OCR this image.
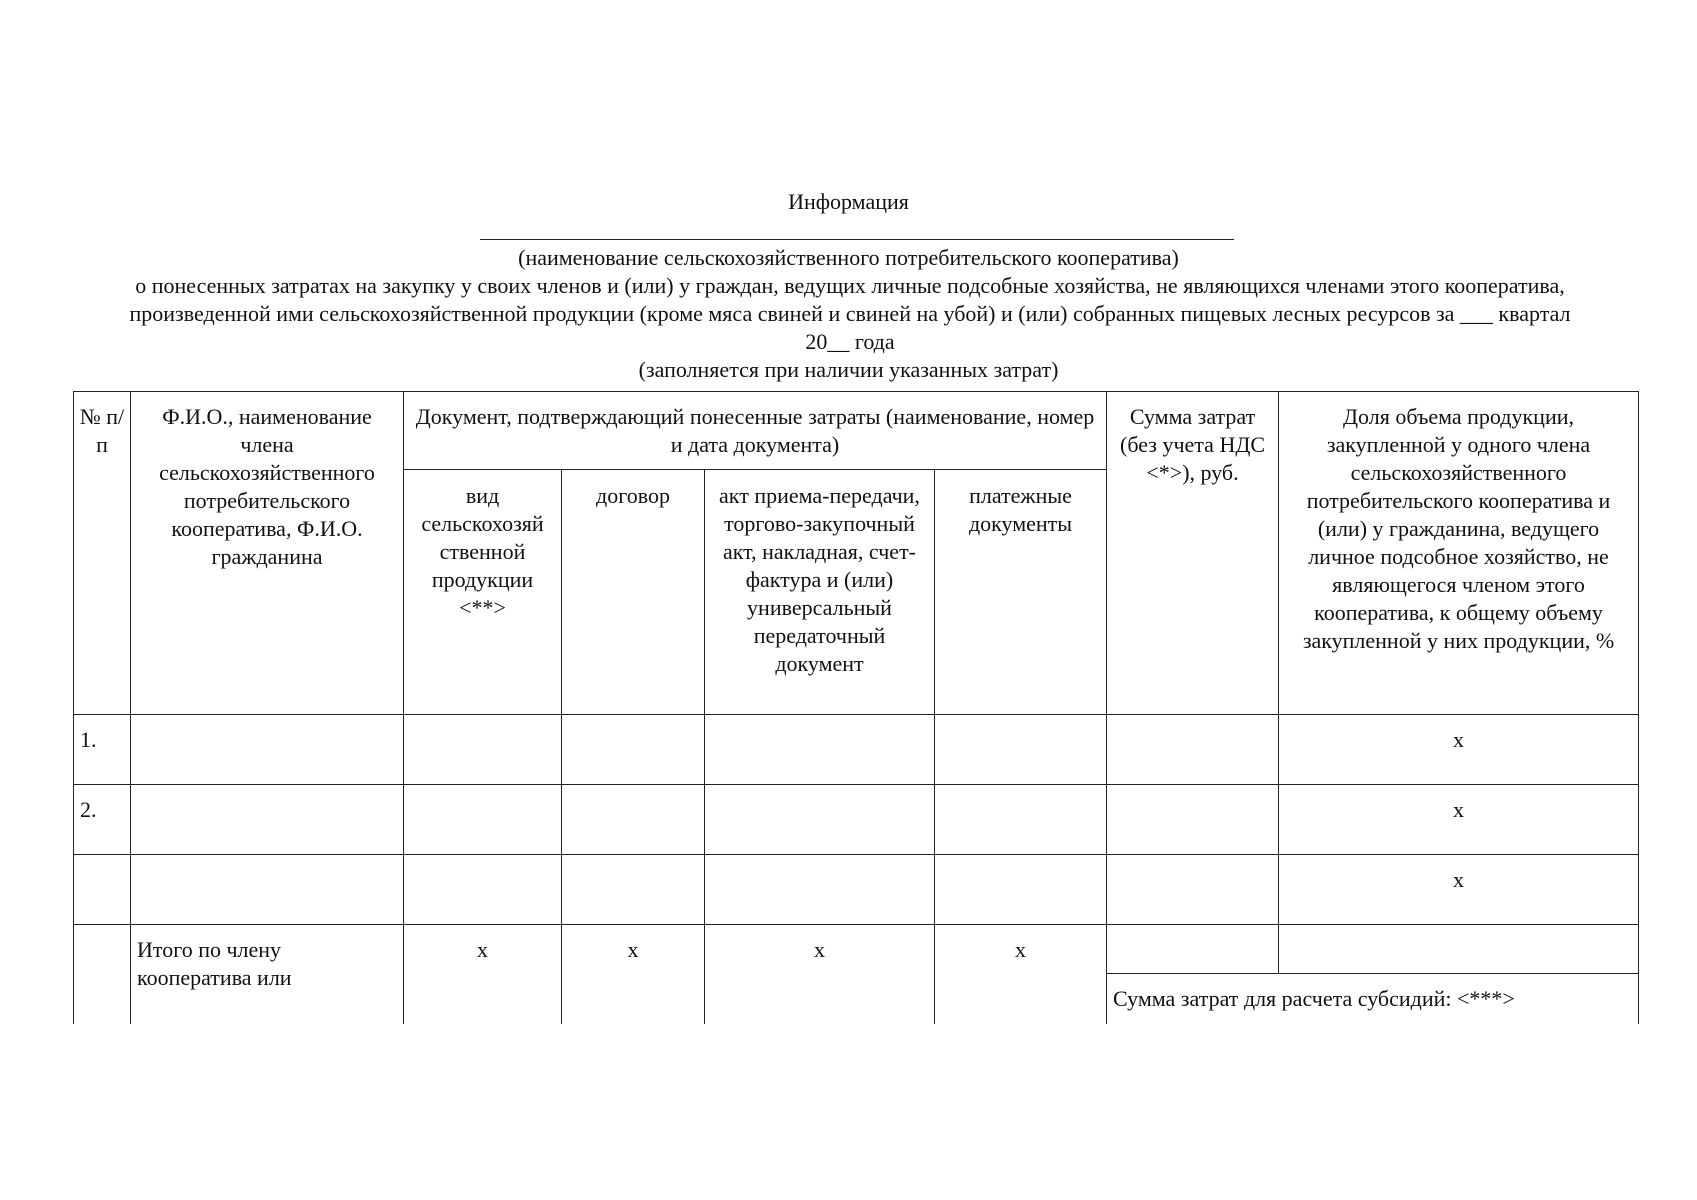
Информация
(наименование сельскохозяйственного потребительского кооператива)
о понесенных затратах на закупку у своих членов и (или) у граждан, ведущих личные подсобные хозяйства, не являющихся членами этого кооператива, произведенной ими сельскохозяйственной продукции (кроме мяса свиней и свиней на убой) и (или) собранных пищевых лесных ресурсов за ___ квартал 20__ года
(заполняется при наличии указанных затрат)
№ п/п	Ф.И.О., наименование члена сельскохозяйственного потребительского кооператива, Ф.И.О. гражданина	Документ, подтверждающий понесенные затраты (наименование, номер и дата документа)				Сумма затрат (без учета НДС <*>), руб.	Доля объема продукции, закупленной у одного члена сельскохозяйственного потребительского кооператива и (или) у гражданина, ведущего личное подсобное хозяйство, не являющегося членом этого кооператива, к общему объему закупленной у них продукции, %
		вид сельскохозяй ственной продукции <**>	договор	акт приема-передачи, торгово-закупочный акт, накладная, счет-фактура и (или) универсальный передаточный документ	платежные документы		
1.							x
2.							x
							x
	Итого по члену кооператива или	x	x	x	x		
						Сумма затрат для расчета субсидий: <***>	
